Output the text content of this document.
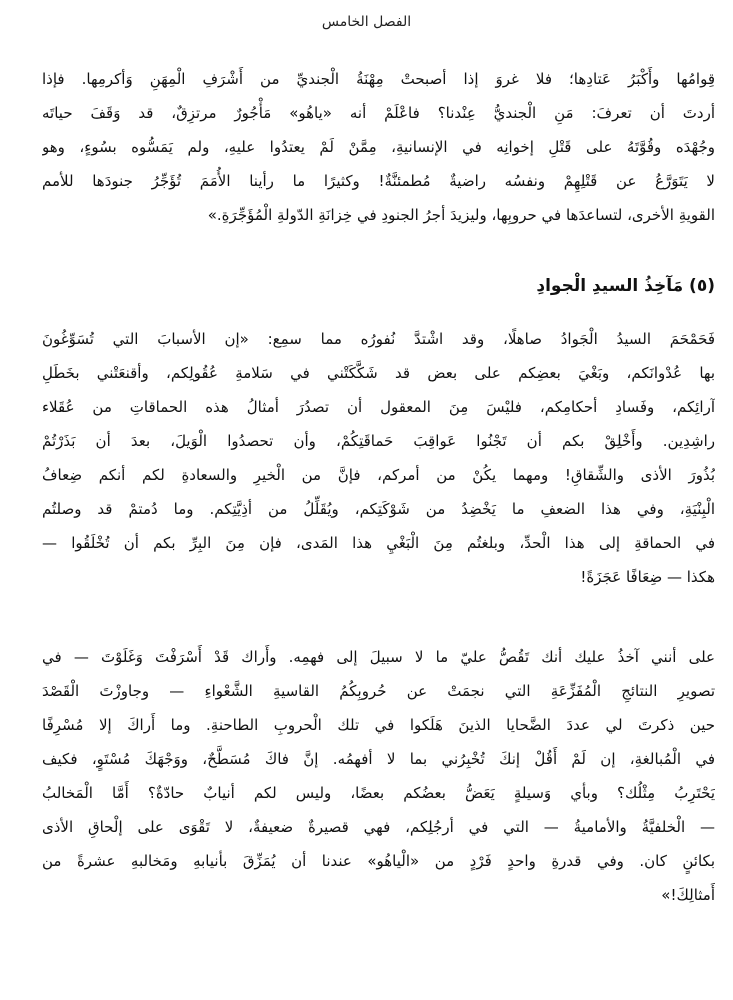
الفصل الخامس
قِوامُها وأَكْبَرُ عَتادِها؛ فلا غروَ إذا أصبحتْ مِهْنَةُ الْجنديِّ من أَشْرَفِ الْمِهَنِ وَأكرمِها. فإذا
أردتَ أن تعرفَ: مَنِ الْجنديُّ عِنْدنا؟ فاعْلَمْ أنه «ياهُو» مَأْجُورٌ مرتزِقٌ، قد وَقَفَ حياتَه
وجُهْدَه وقُوَّتَهُ على قَتْلِ إخوانِه في الإنسانيةِ، مِمَّنْ لَمْ يعتدُوا عليهِ، ولم يَمَسُّوه بسُوءٍ، وهو
لا يَتَوَرَّعُ عن قَتْلِهِمْ ونفسُه راضيةٌ مُطمئنَّةٌ! وكثيرًا ما رأينا الأُمَمَ تُؤَجِّرُ جنودَها للأمم
القويةِ الأخرى، لتساعدَها في حروبِها، وليزيدَ أجرُ الجنودِ في خِزانَةِ الدّولةِ الْمُؤَجِّرَةِ.»
(٥) مَآخِذُ السيدِ الْجوادِ
فَحَمْحَمَ السيدُ الْجَوادُ صاهلًا، وقد اشْتدَّ نُفورُه مما سمِع: «إن الأسبابَ التي تُسَوِّغُونَ
بها عُدْوانَكم، وبَغْيَ بعضِكم على بعض قد شَكَّكَتْني في سَلامةِ عُقُولِكم، وأقنعَتْني بخَطَلِ
آرائِكم، وفَسادِ أحكامِكم، فليْسَ مِنَ المعقول أن تصدُرَ أمثالُ هذه الحماقاتِ من عُقَلاء
راشِدِين. وأَخْلِقْ بكم أن تَجْنُوا عَواقِبَ حَماقَتِكُمْ، وأن تحصدُوا الْوَيلَ، بعدَ أن بَذَرْتُمْ
بُذُورَ الأذى والشِّقاقِ! ومهما يكُنْ من أمركم، فإنَّ من الْخيرِ والسعادةِ لكم أنكم ضِعافُ
الْبِنْيَةِ، وفي هذا الضعفِ ما يَخْضِدُ من شَوْكَتِكم، ويُقَلِّلُ من أذِيَّتِكم. وما دُمتمْ قد وصلتُم
في الحماقةِ إلى هذا الْحدِّ، وبلغتُم مِنَ الْبَغْيِ هذا المَدى، فإن مِنَ البِرِّ بكم أن تُخْلَقُوا —
هكذا — ضِعَافًا عَجَزَةً!
على أنني آخذُ عليك أنك تَقُصُّ عليّ ما لا سبيلَ إلى فهمِه. وأَراك قَدْ أَسْرَفْتَ وَغَلَوْتَ — في
تصويرِ النتائجِ الْمُفَزِّعَةِ التي نجمَتْ عن حُروبِكُمُ القاسيةِ الشَّعْواءِ — وجاوزْتَ الْقَصْدَ
حين ذكرتَ لي عددَ الضَّحايا الذينَ هَلَكوا في تلك الْحروبِ الطاحنةِ. وما أَراكَ إلا مُسْرِفًا
في الْمُبالغةِ، إن لَمْ أَقُلْ إنكَ تُخْبِرُني بما لا أفهمُه. إنَّ فاكَ مُسَطَّحٌ، ووَجْهَكَ مُسْتَوٍ، فكيف
يَحْتَرِبُ مِثْلُك؟ وبأي وَسيلةٍ يَعَضُّ بعضُكم بعضًا، وليس لكم أنيابٌ حادّةٌ؟ أَمَّا الْمَخالبُ
— الْخلفيَّةُ والأماميةُ — التي في أرجُلِكم، فهي قصيرةٌ ضعيفةٌ، لا تَقْوَى على إلْحاقِ الأذى
بكائنٍ كان. وفي قدرةِ واحدٍ فَرْدٍ من «الْياهُو» عندنا أن يُمَزِّقَ بأنيابهِ ومَخالبهِ عشرةً من
أَمثالِكَ!»
